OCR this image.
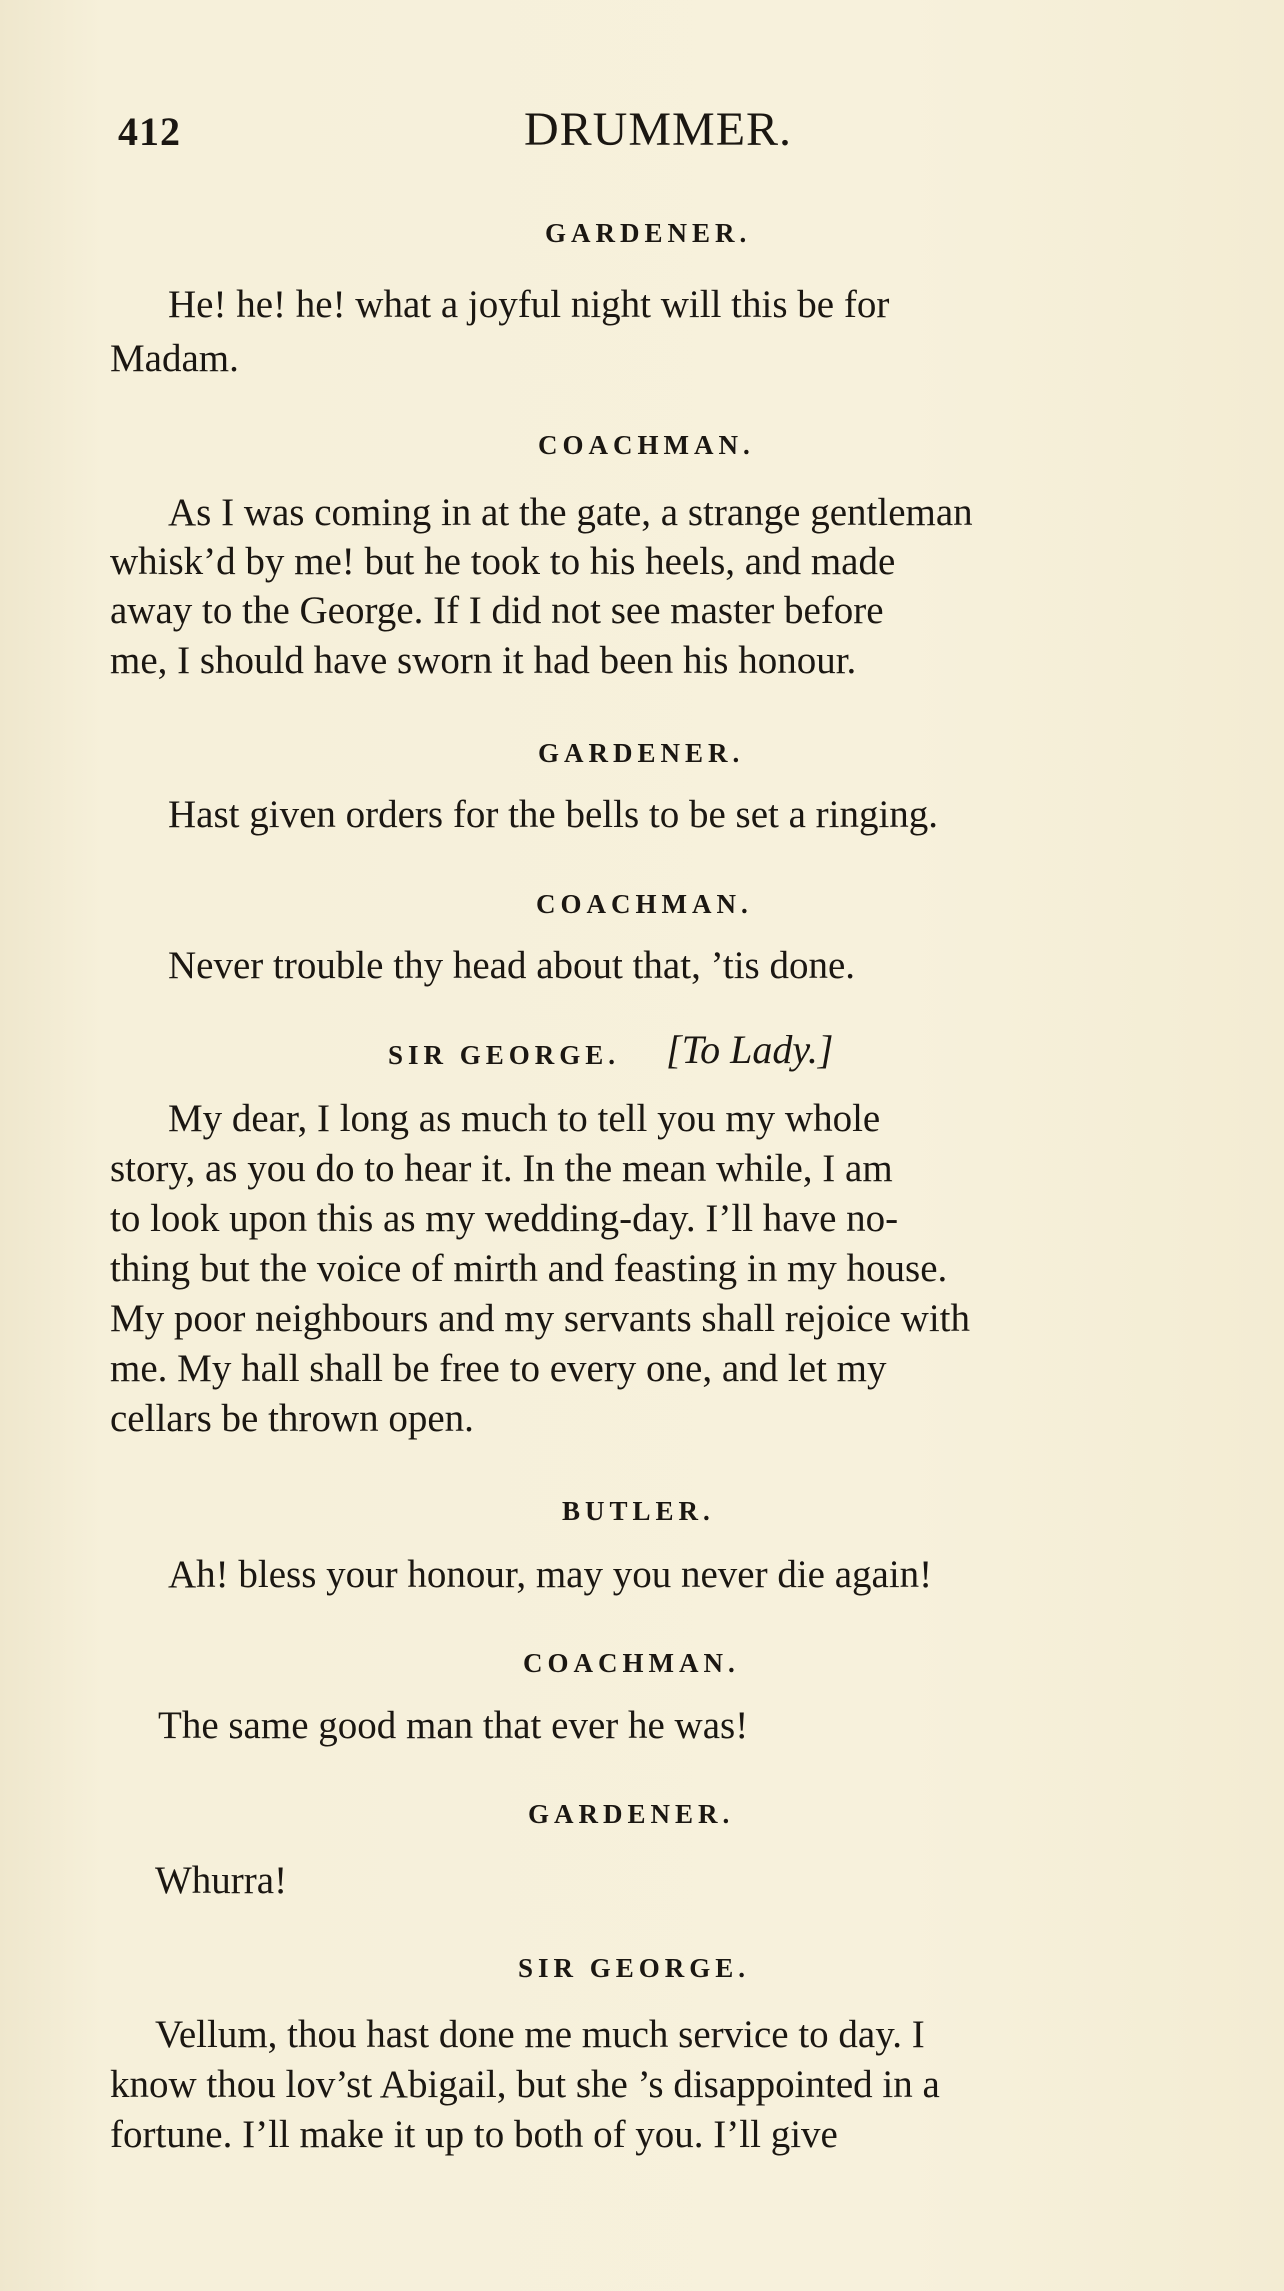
412	DRUMMER.
GARDENER.
He! he! he! what a joyful night will this be for
Madam.
COACHMAN.
As I was coming in at the gate, a strange gentleman
whisk’d by me! but he took to his heels, and made
away to the George. If I did not see master before
me, I should have sworn it had been his honour.
GARDENER.
Hast given orders for the bells to be set a ringing.
COACHMAN.
Never trouble thy head about that, ’tis done.
SIR GEORGE. [To Lady.]
My dear, I long as much to tell you my whole
story, as you do to hear it. In the mean while, I am
to look upon this as my wedding-day. I’ll have no-
thing but the voice of mirth and feasting in my house.
My poor neighbours and my servants shall rejoice with
me. My hall shall be free to every one, and let my
cellars be thrown open.
BUTLER.
Ah! bless your honour, may you never die again!
COACHMAN.
The same good man that ever he was!
GARDENER.
Whurra!
SIR GEORGE.
Vellum, thou hast done me much service to day. I
know thou lov’st Abigail, but she ’s disappointed in a
fortune. I’ll make it up to both of you. I’ll give
